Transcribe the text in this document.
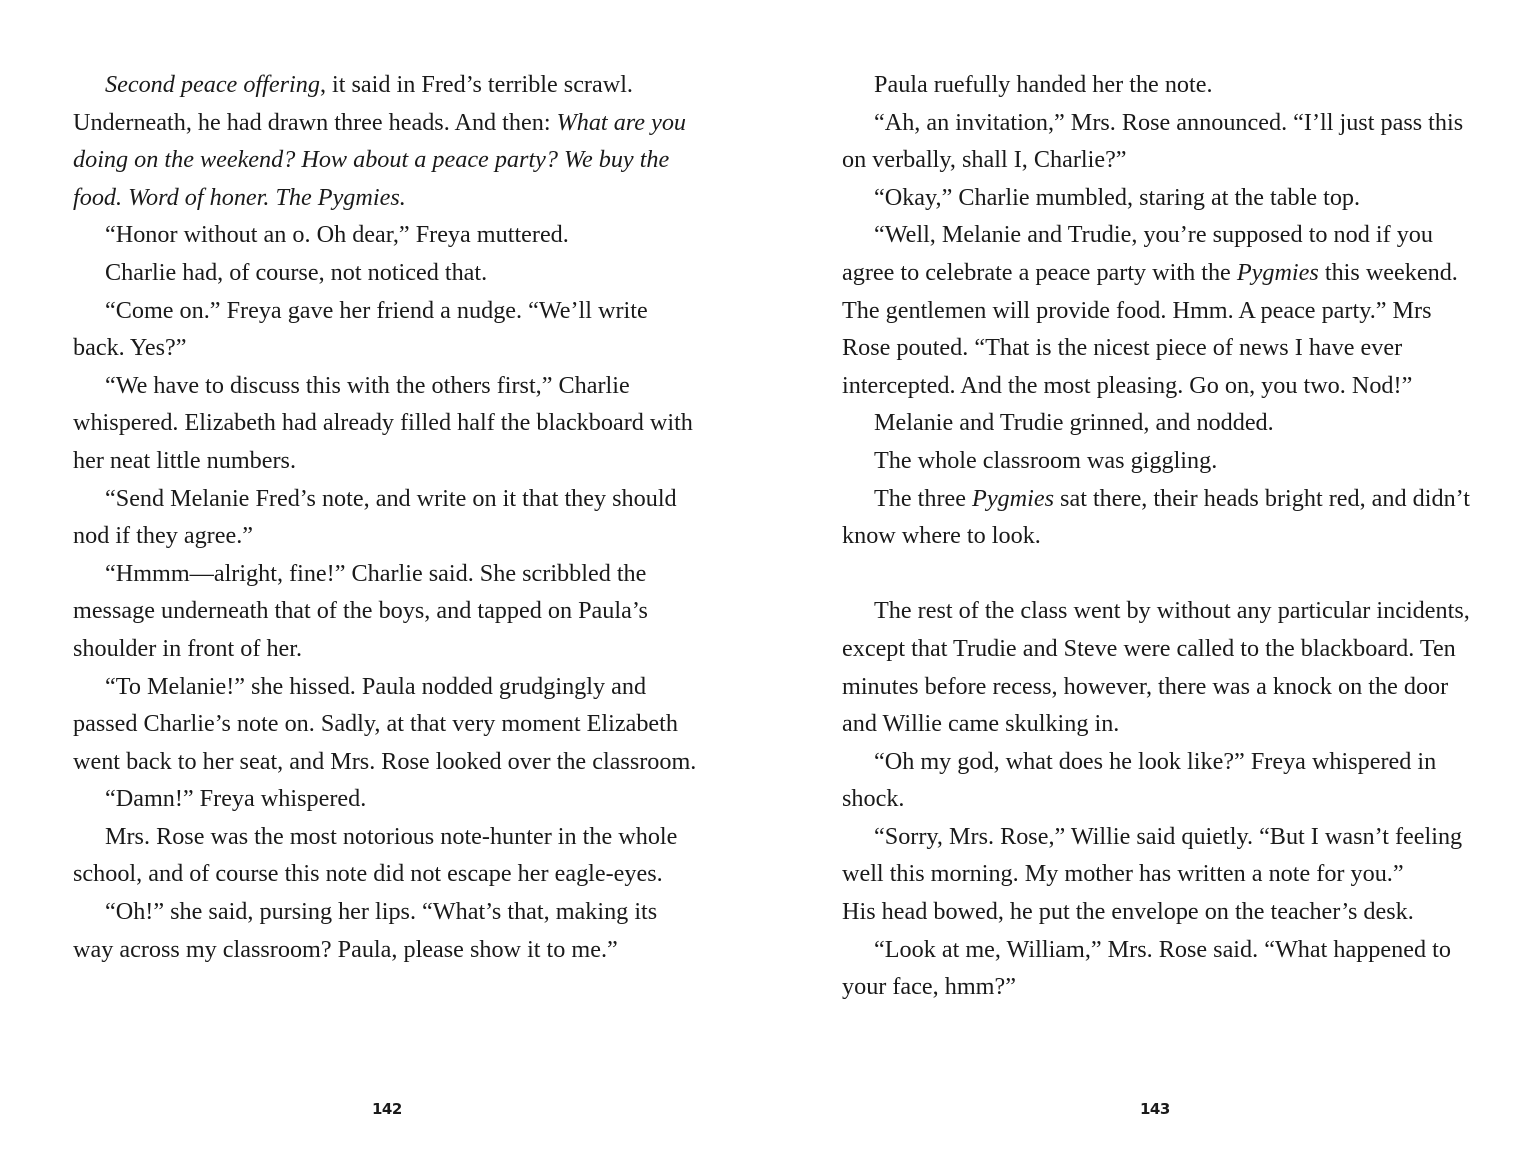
Second peace offering, it said in Fred’s terrible scrawl. Underneath, he had drawn three heads. And then: What are you doing on the weekend? How about a peace party? We buy the food. Word of honer. The Pygmies.

“Honor without an o. Oh dear,” Freya muttered.

Charlie had, of course, not noticed that.

“Come on.” Freya gave her friend a nudge. “We’ll write back. Yes?”

“We have to discuss this with the others first,” Charlie whispered. Elizabeth had already filled half the blackboard with her neat little numbers.

“Send Melanie Fred’s note, and write on it that they should nod if they agree.”

“Hmmm—alright, fine!” Charlie said. She scribbled the message underneath that of the boys, and tapped on Paula’s shoulder in front of her.

“To Melanie!” she hissed. Paula nodded grudgingly and passed Charlie’s note on. Sadly, at that very moment Elizabeth went back to her seat, and Mrs. Rose looked over the classroom.

“Damn!” Freya whispered.

Mrs. Rose was the most notorious note-hunter in the whole school, and of course this note did not escape her eagle-eyes.

“Oh!” she said, pursing her lips. “What’s that, making its way across my classroom? Paula, please show it to me.”

142

Paula ruefully handed her the note.

“Ah, an invitation,” Mrs. Rose announced. “I’ll just pass this on verbally, shall I, Charlie?”

“Okay,” Charlie mumbled, staring at the table top.

“Well, Melanie and Trudie, you’re supposed to nod if you agree to celebrate a peace party with the Pygmies this weekend. The gentlemen will provide food. Hmm. A peace party.” Mrs Rose pouted. “That is the nicest piece of news I have ever intercepted. And the most pleasing. Go on, you two. Nod!”

Melanie and Trudie grinned, and nodded.

The whole classroom was giggling.

The three Pygmies sat there, their heads bright red, and didn’t know where to look.

The rest of the class went by without any particular incidents, except that Trudie and Steve were called to the blackboard. Ten minutes before recess, however, there was a knock on the door and Willie came skulking in.

“Oh my god, what does he look like?” Freya whispered in shock.

“Sorry, Mrs. Rose,” Willie said quietly. “But I wasn’t feeling well this morning. My mother has written a note for you.”

His head bowed, he put the envelope on the teacher’s desk.

“Look at me, William,” Mrs. Rose said. “What happened to your face, hmm?”

143
